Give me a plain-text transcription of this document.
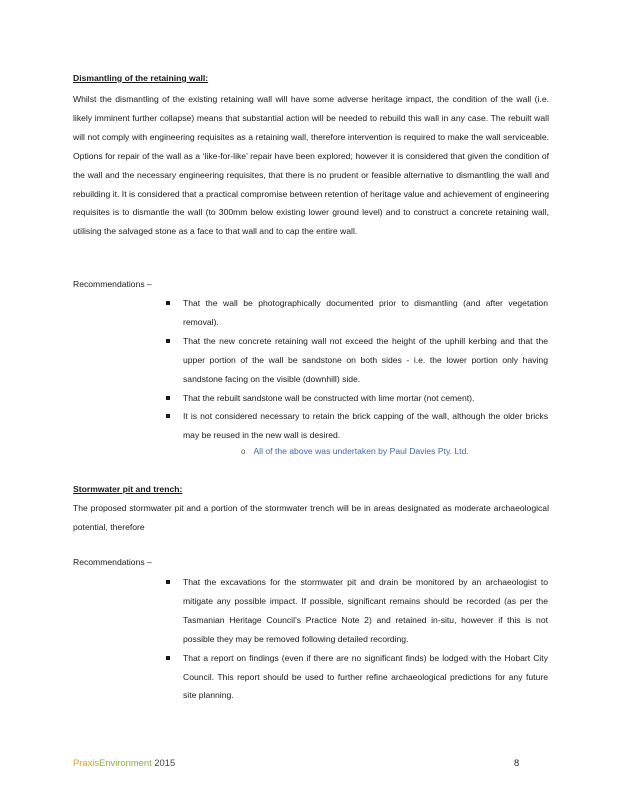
Dismantling of the retaining wall:

Whilst the dismantling of the existing retaining wall will have some adverse heritage impact, the condition of the wall (i.e. likely imminent further collapse) means that substantial action will be needed to rebuild this wall in any case. The rebuilt wall will not comply with engineering requisites as a retaining wall, therefore intervention is required to make the wall serviceable. Options for repair of the wall as a ‘like-for-like’ repair have been explored; however it is considered that given the condition of the wall and the necessary engineering requisites, that there is no prudent or feasible alternative to dismantling the wall and rebuilding it. It is considered that a practical compromise between retention of heritage value and achievement of engineering requisites is to dismantle the wall (to 300mm below existing lower ground level) and to construct a concrete retaining wall, utilising the salvaged stone as a face to that wall and to cap the entire wall.

Recommendations –
That the wall be photographically documented prior to dismantling (and after vegetation removal).
That the new concrete retaining wall not exceed the height of the uphill kerbing and that the upper portion of the wall be sandstone on both sides - i.e. the lower portion only having sandstone facing on the visible (downhill) side.
That the rebuilt sandstone wall be constructed with lime mortar (not cement).
It is not considered necessary to retain the brick capping of the wall, although the older bricks may be reused in the new wall is desired.
o All of the above was undertaken by Paul Davies Pty. Ltd.
Stormwater pit and trench:

The proposed stormwater pit and a portion of the stormwater trench will be in areas designated as moderate archaeological potential, therefore

Recommendations –
That the excavations for the stormwater pit and drain be monitored by an archaeologist to mitigate any possible impact. If possible, significant remains should be recorded (as per the Tasmanian Heritage Council’s Practice Note 2) and retained in-situ, however if this is not possible they may be removed following detailed recording.
That a report on findings (even if there are no significant finds) be lodged with the Hobart City Council. This report should be used to further refine archaeological predictions for any future site planning.
PraxisEnvironment 2015	8
